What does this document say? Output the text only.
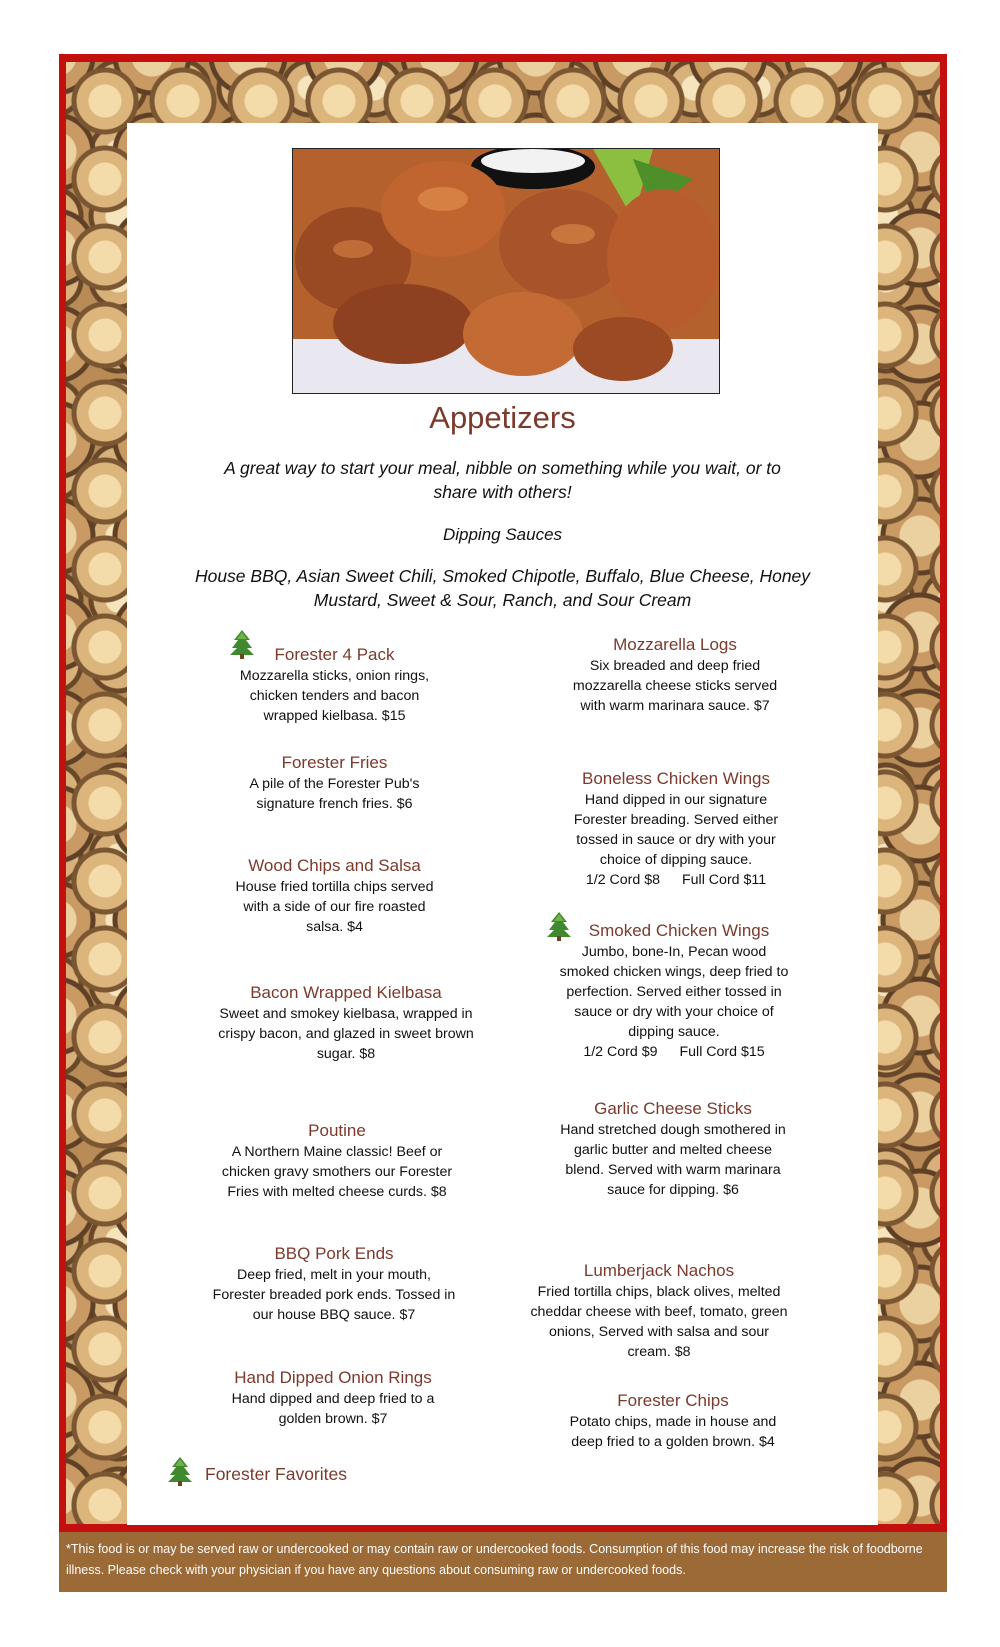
Appetizers
A great way to start your meal, nibble on something while you wait, or to share with others!
Dipping Sauces
House BBQ, Asian Sweet Chili, Smoked Chipotle, Buffalo, Blue Cheese, Honey Mustard, Sweet & Sour, Ranch, and Sour Cream
Forester 4 Pack
Mozzarella sticks, onion rings, chicken tenders and bacon wrapped kielbasa. $15
Forester Fries
A pile of the Forester Pub's signature french fries. $6
Wood Chips and Salsa
House fried tortilla chips served with a side of our fire roasted salsa. $4
Bacon Wrapped Kielbasa
Sweet and smokey kielbasa, wrapped in crispy bacon, and glazed in sweet brown sugar. $8
Poutine
A Northern Maine classic! Beef or chicken gravy smothers our Forester Fries with melted cheese curds. $8
BBQ Pork Ends
Deep fried, melt in your mouth, Forester breaded pork ends. Tossed in our house BBQ sauce. $7
Hand Dipped Onion Rings
Hand dipped and deep fried to a golden brown. $7
Mozzarella Logs
Six breaded and deep fried mozzarella cheese sticks served with warm marinara sauce. $7
Boneless Chicken Wings
Hand dipped in our signature Forester breading. Served either tossed in sauce or dry with your choice of dipping sauce.
1/2 Cord $8 Full Cord $11
Smoked Chicken Wings
Jumbo, bone-In, Pecan wood smoked chicken wings, deep fried to perfection. Served either tossed in sauce or dry with your choice of dipping sauce.
1/2 Cord $9 Full Cord $15
Garlic Cheese Sticks
Hand stretched dough smothered in garlic butter and melted cheese blend. Served with warm marinara sauce for dipping. $6
Lumberjack Nachos
Fried tortilla chips, black olives, melted cheddar cheese with beef, tomato, green onions, Served with salsa and sour cream. $8
Forester Chips
Potato chips, made in house and deep fried to a golden brown. $4
Forester Favorites
*This food is or may be served raw or undercooked or may contain raw or undercooked foods. Consumption of this food may increase the risk of foodborne illness. Please check with your physician if you have any questions about consuming raw or undercooked foods.
